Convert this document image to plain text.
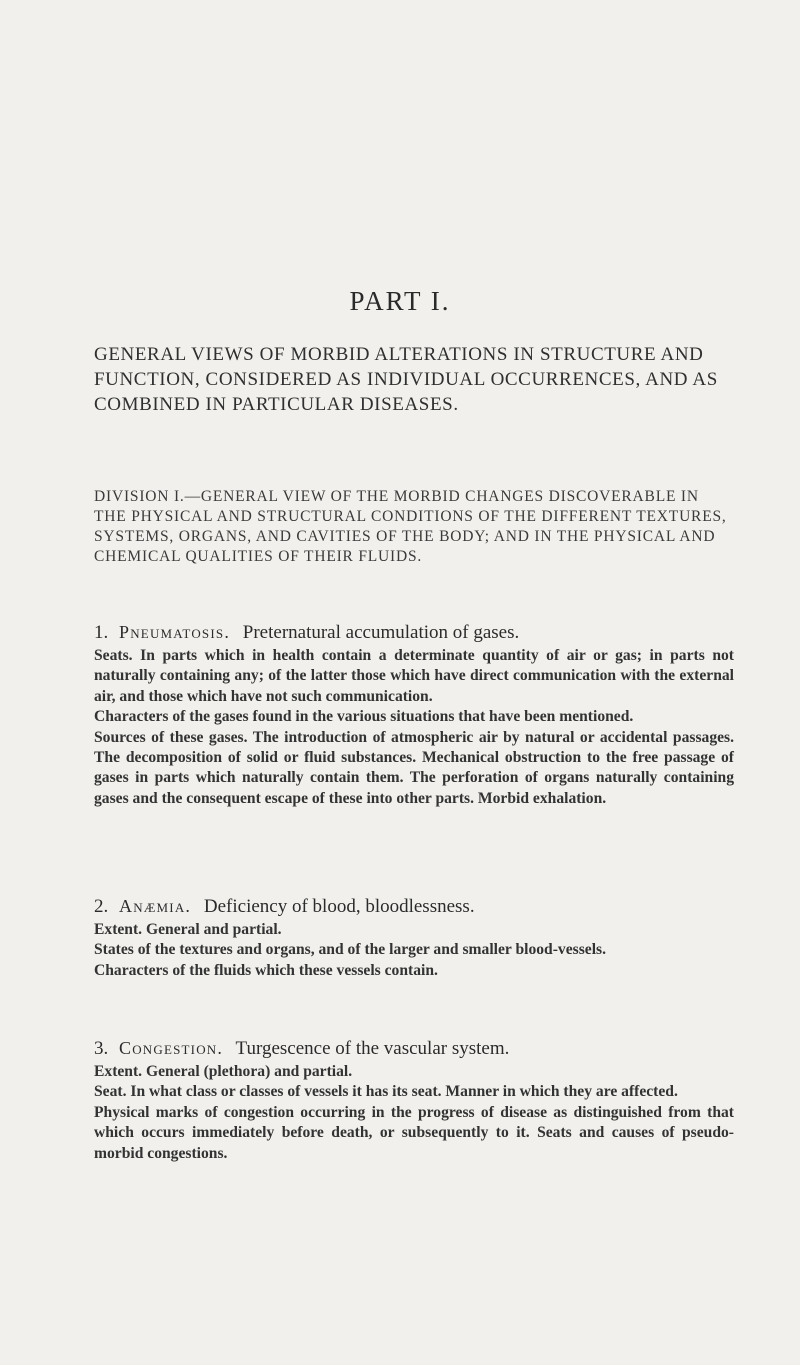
PART I.
GENERAL VIEWS OF MORBID ALTERATIONS IN STRUCTURE AND FUNCTION, CONSIDERED AS INDIVIDUAL OCCURRENCES, AND AS COMBINED IN PARTICULAR DISEASES.
DIVISION I.—GENERAL VIEW OF THE MORBID CHANGES DISCOVERABLE IN THE PHYSICAL AND STRUCTURAL CONDITIONS OF THE DIFFERENT TEXTURES, SYSTEMS, ORGANS, AND CAVITIES OF THE BODY; AND IN THE PHYSICAL AND CHEMICAL QUALITIES OF THEIR FLUIDS.
1. Pneumatosis. Preternatural accumulation of gases.
Seats. In parts which in health contain a determinate quantity of air or gas; in parts not naturally containing any; of the latter those which have direct communication with the external air, and those which have not such communication.
Characters of the gases found in the various situations that have been mentioned.
Sources of these gases. The introduction of atmospheric air by natural or accidental passages. The decomposition of solid or fluid substances. Mechanical obstruction to the free passage of gases in parts which naturally contain them. The perforation of organs naturally containing gases and the consequent escape of these into other parts. Morbid exhalation.
2. Anæmia. Deficiency of blood, bloodlessness.
Extent. General and partial.
States of the textures and organs, and of the larger and smaller blood-vessels.
Characters of the fluids which these vessels contain.
3. Congestion. Turgescence of the vascular system.
Extent. General (plethora) and partial.
Seat. In what class or classes of vessels it has its seat. Manner in which they are affected.
Physical marks of congestion occurring in the progress of disease as distinguished from that which occurs immediately before death, or subsequently to it. Seats and causes of pseudo-morbid congestions.
